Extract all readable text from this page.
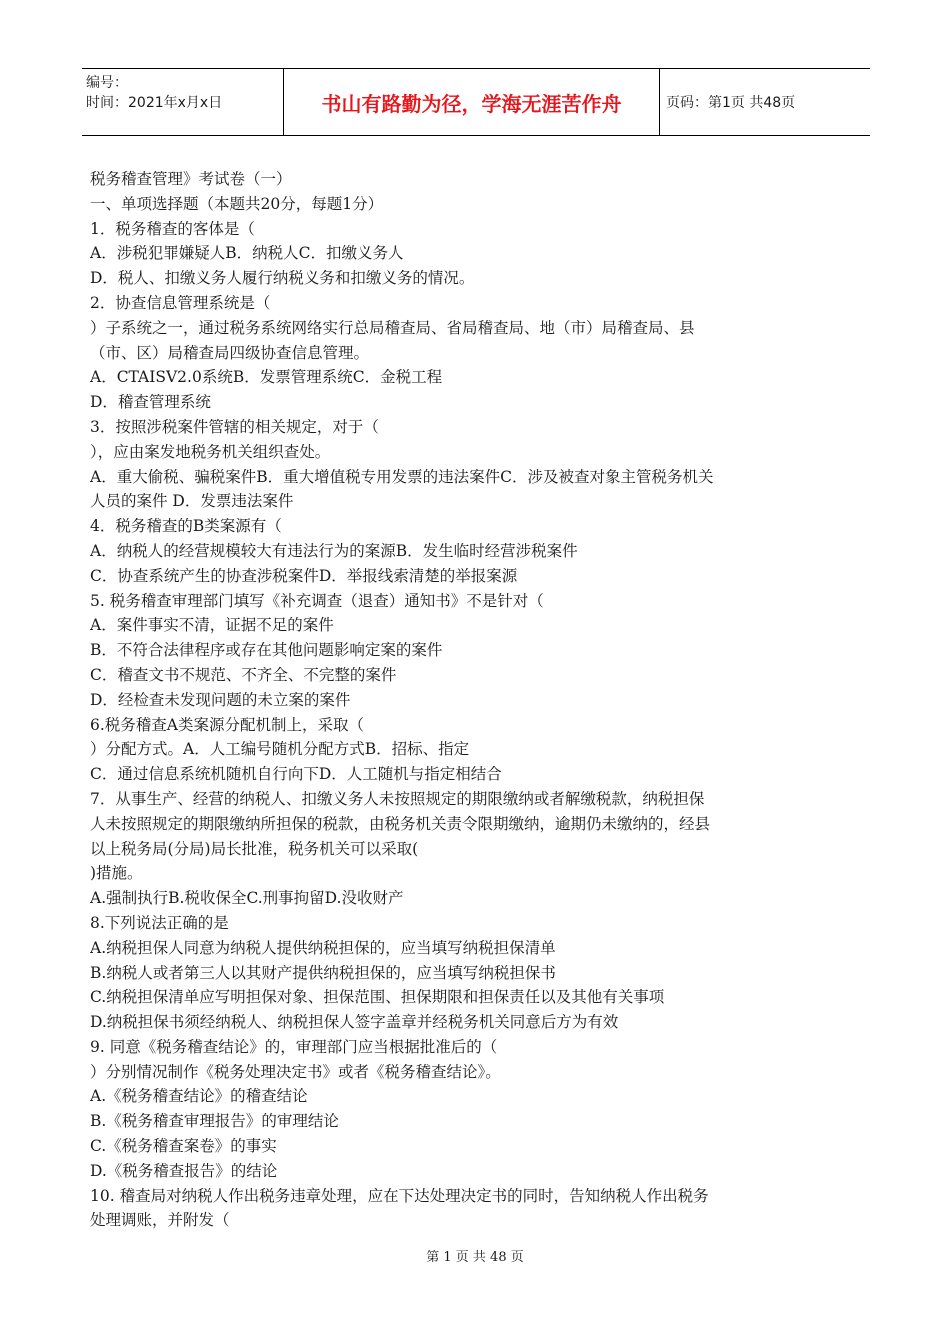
编号：
时间：2021年x月x日	书山有路勤为径，学海无涯苦作舟	页码：第1页 共48页
税务稽查管理》考试卷（一）
一、单项选择题（本题共20分，每题1分）
1．税务稽查的客体是（
A．涉税犯罪嫌疑人B．纳税人C．扣缴义务人
D．税人、扣缴义务人履行纳税义务和扣缴义务的情况。
2．协查信息管理系统是（
）子系统之一，通过税务系统网络实行总局稽查局、省局稽查局、地（市）局稽查局、县
（市、区）局稽查局四级协查信息管理。
A．CTAISV2.0系统B．发票管理系统C．金税工程
D．稽查管理系统
3．按照涉税案件管辖的相关规定，对于（
），应由案发地税务机关组织查处。
A．重大偷税、骗税案件B．重大增值税专用发票的违法案件C．涉及被查对象主管税务机关
人员的案件 D．发票违法案件
4．税务稽查的B类案源有（
A．纳税人的经营规模较大有违法行为的案源B．发生临时经营涉税案件
C．协查系统产生的协查涉税案件D．举报线索清楚的举报案源
5. 税务稽查审理部门填写《补充调查（退查）通知书》不是针对（
A．案件事实不清，证据不足的案件
B．不符合法律程序或存在其他问题影响定案的案件
C．稽查文书不规范、不齐全、不完整的案件
D．经检查未发现问题的未立案的案件
6.税务稽查A类案源分配机制上，采取（
）分配方式。A．人工编号随机分配方式B．招标、指定
C．通过信息系统机随机自行向下D．人工随机与指定相结合
7．从事生产、经营的纳税人、扣缴义务人未按照规定的期限缴纳或者解缴税款，纳税担保
人未按照规定的期限缴纳所担保的税款，由税务机关责令限期缴纳，逾期仍未缴纳的，经县
以上税务局(分局)局长批准，税务机关可以采取(
)措施。
A.强制执行B.税收保全C.刑事拘留D.没收财产
8.下列说法正确的是
A.纳税担保人同意为纳税人提供纳税担保的，应当填写纳税担保清单
B.纳税人或者第三人以其财产提供纳税担保的，应当填写纳税担保书
C.纳税担保清单应写明担保对象、担保范围、担保期限和担保责任以及其他有关事项
D.纳税担保书须经纳税人、纳税担保人签字盖章并经税务机关同意后方为有效
9. 同意《税务稽查结论》的，审理部门应当根据批准后的（
）分别情况制作《税务处理决定书》或者《税务稽查结论》。
A.《税务稽查结论》的稽查结论
B.《税务稽查审理报告》的审理结论
C.《税务稽查案卷》的事实
D.《税务稽查报告》的结论
10. 稽查局对纳税人作出税务违章处理，应在下达处理决定书的同时，告知纳税人作出税务
处理调账，并附发（
第 1 页 共 48 页
